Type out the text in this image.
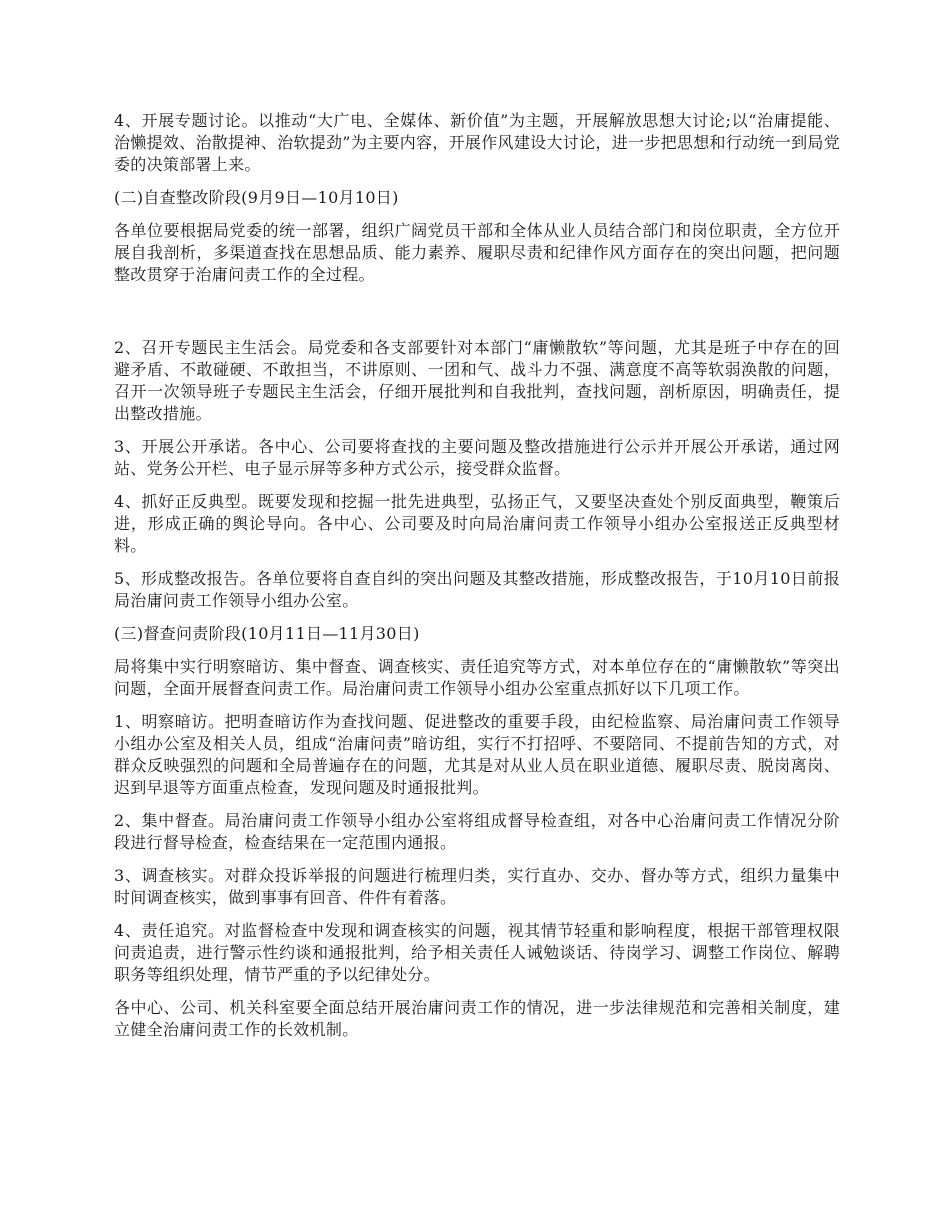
4、开展专题讨论。以推动“大广电、全媒体、新价值”为主题，开展解放思想大讨论;以“治庸提能、治懒提效、治散提神、治软提劲”为主要内容，开展作风建设大讨论，进一步把思想和行动统一到局党委的决策部署上来。

(二)自查整改阶段(9月9日—10月10日)

各单位要根据局党委的统一部署，组织广阔党员干部和全体从业人员结合部门和岗位职责，全方位开展自我剖析，多渠道查找在思想品质、能力素养、履职尽责和纪律作风方面存在的突出问题，把问题整改贯穿于治庸问责工作的全过程。

2、召开专题民主生活会。局党委和各支部要针对本部门“庸懒散软”等问题，尤其是班子中存在的回避矛盾、不敢碰硬、不敢担当，不讲原则、一团和气、战斗力不强、满意度不高等软弱涣散的问题，召开一次领导班子专题民主生活会，仔细开展批判和自我批判，查找问题，剖析原因，明确责任，提出整改措施。

3、开展公开承诺。各中心、公司要将查找的主要问题及整改措施进行公示并开展公开承诺，通过网站、党务公开栏、电子显示屏等多种方式公示，接受群众监督。

4、抓好正反典型。既要发现和挖掘一批先进典型，弘扬正气，又要坚决查处个别反面典型，鞭策后进，形成正确的舆论导向。各中心、公司要及时向局治庸问责工作领导小组办公室报送正反典型材料。

5、形成整改报告。各单位要将自查自纠的突出问题及其整改措施，形成整改报告，于10月10日前报局治庸问责工作领导小组办公室。

(三)督查问责阶段(10月11日—11月30日)

局将集中实行明察暗访、集中督查、调查核实、责任追究等方式，对本单位存在的“庸懒散软”等突出问题，全面开展督查问责工作。局治庸问责工作领导小组办公室重点抓好以下几项工作。

1、明察暗访。把明查暗访作为查找问题、促进整改的重要手段，由纪检监察、局治庸问责工作领导小组办公室及相关人员，组成“治庸问责”暗访组，实行不打招呼、不要陪同、不提前告知的方式，对群众反映强烈的问题和全局普遍存在的问题，尤其是对从业人员在职业道德、履职尽责、脱岗离岗、迟到早退等方面重点检查，发现问题及时通报批判。

2、集中督查。局治庸问责工作领导小组办公室将组成督导检查组，对各中心治庸问责工作情况分阶段进行督导检查，检查结果在一定范围内通报。

3、调查核实。对群众投诉举报的问题进行梳理归类，实行直办、交办、督办等方式，组织力量集中时间调查核实，做到事事有回音、件件有着落。

4、责任追究。对监督检查中发现和调查核实的问题，视其情节轻重和影响程度，根据干部管理权限问责追责，进行警示性约谈和通报批判，给予相关责任人诫勉谈话、待岗学习、调整工作岗位、解聘职务等组织处理，情节严重的予以纪律处分。

各中心、公司、机关科室要全面总结开展治庸问责工作的情况，进一步法律规范和完善相关制度，建立健全治庸问责工作的长效机制。
